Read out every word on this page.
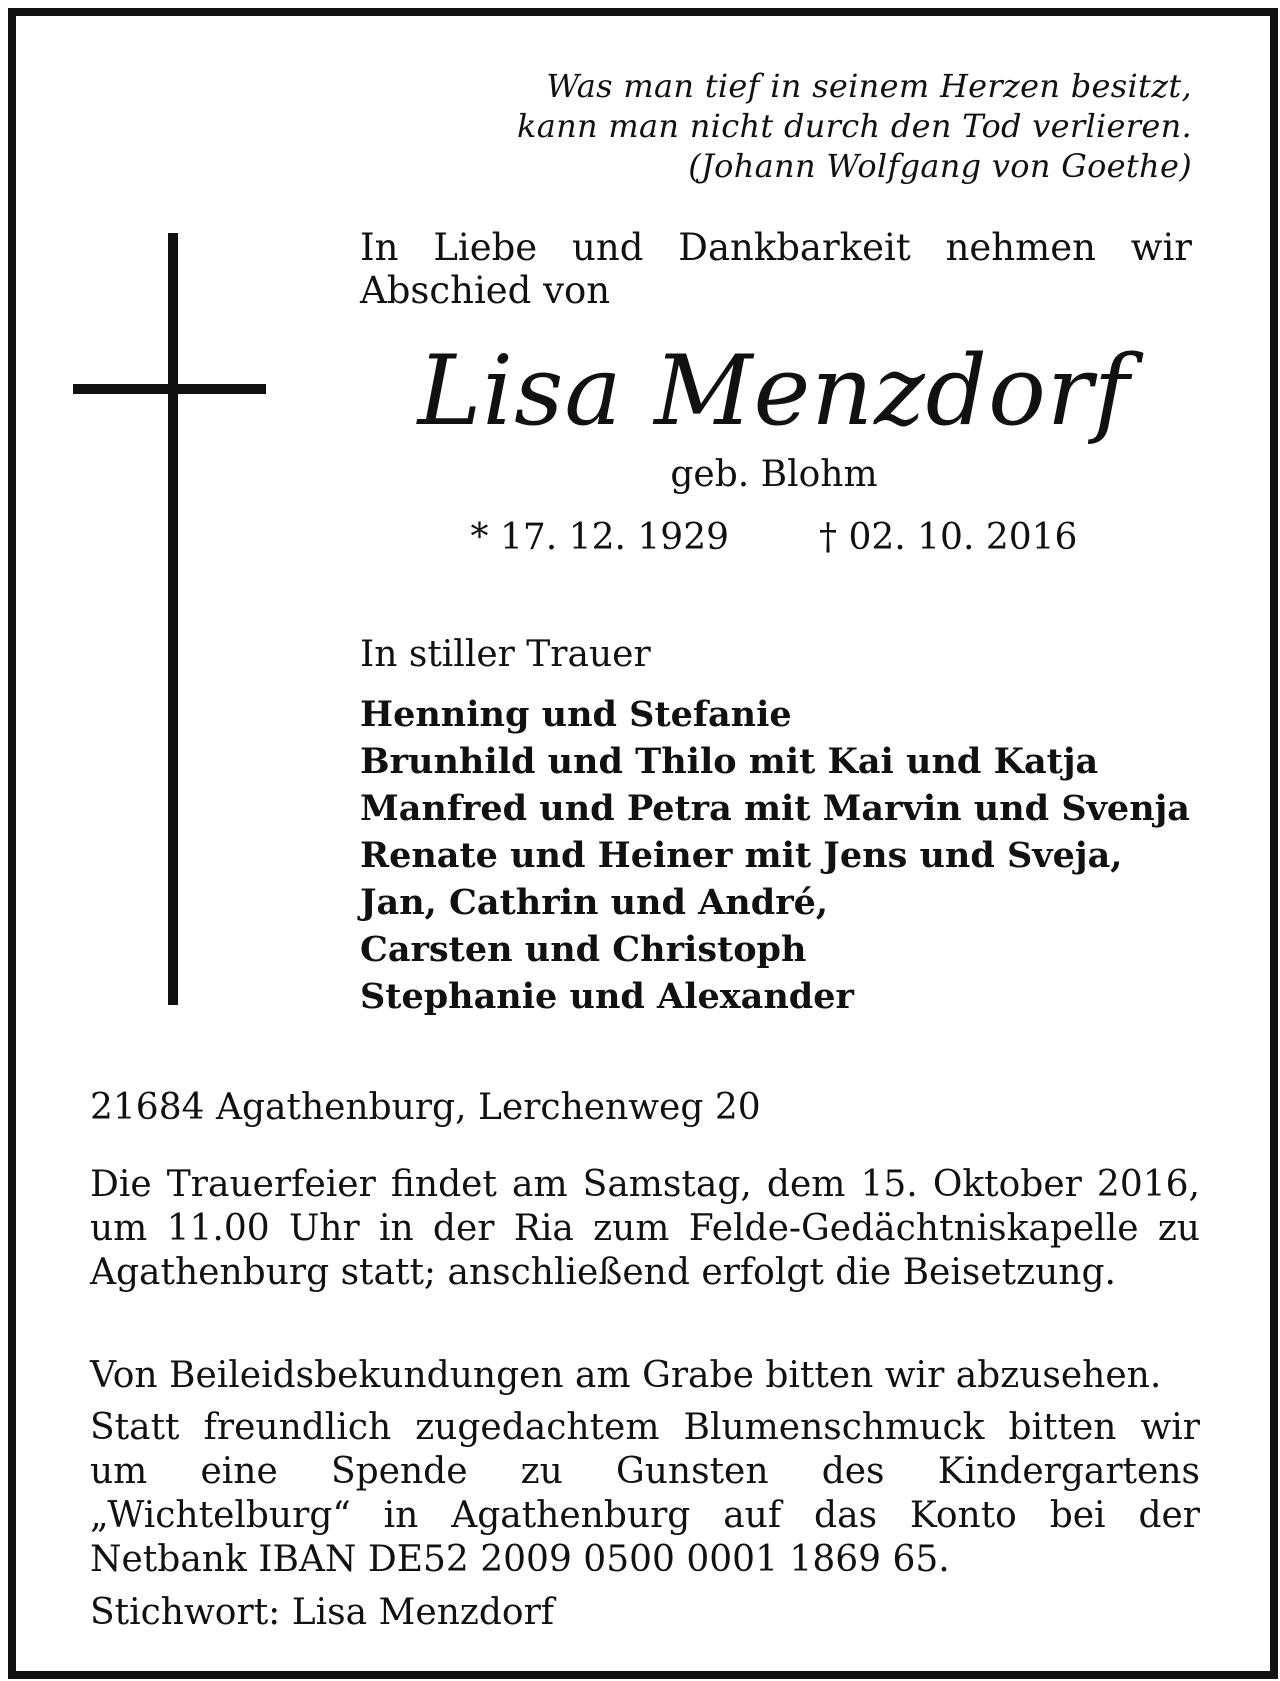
Was man tief in seinem Herzen besitzt,
kann man nicht durch den Tod verlieren.
(Johann Wolfgang von Goethe)
In Liebe und Dankbarkeit nehmen wir Abschied von
Lisa Menzdorf
geb. Blohm
* 17. 12. 1929	† 02. 10. 2016
In stiller Trauer
Henning und Stefanie
Brunhild und Thilo mit Kai und Katja
Manfred und Petra mit Marvin und Svenja
Renate und Heiner mit Jens und Sveja,
Jan, Cathrin und André,
Carsten und Christoph
Stephanie und Alexander
21684 Agathenburg, Lerchenweg 20
Die Trauerfeier findet am Samstag, dem 15. Oktober 2016, um 11.00 Uhr in der Ria zum Felde-Gedächtniskapelle zu Agathenburg statt; anschließend erfolgt die Beisetzung.
Von Beileidsbekundungen am Grabe bitten wir abzusehen.
Statt freundlich zugedachtem Blumenschmuck bitten wir um eine Spende zu Gunsten des Kindergartens „Wichtelburg“ in Agathenburg auf das Konto bei der Netbank IBAN DE52 2009 0500 0001 1869 65.
Stichwort: Lisa Menzdorf
